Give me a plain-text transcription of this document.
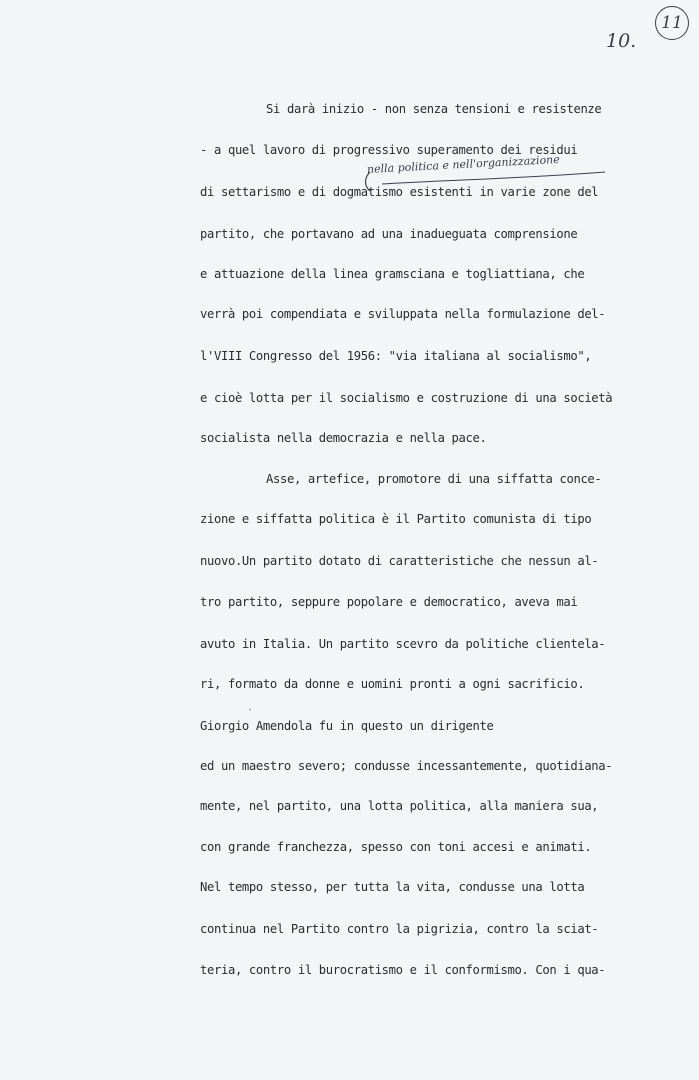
10.
11
nella politica e nell'organizzazione
Si darà inizio - non senza tensioni e resistenze
- a quel lavoro di progressivo superamento dei residui
di settarismo e di dogmatismo esistenti in varie zone del
partito, che portavano ad una inadueguata comprensione
e attuazione della linea gramsciana e togliattiana, che
verrà poi compendiata e sviluppata nella formulazione del-
l'VIII Congresso del 1956: "via italiana al socialismo",
e cioè lotta per il socialismo e costruzione di una società
socialista nella democrazia e nella pace.
Asse, artefice, promotore di una siffatta conce-
zione e siffatta politica è il Partito comunista di tipo
nuovo.Un partito dotato di caratteristiche che nessun al-
tro partito, seppure popolare e democratico, aveva mai
avuto in Italia. Un partito scevro da politiche clientela-
ri, formato da donne e uomini pronti a ogni sacrificio.
Giorgio Amendola fu in questo un dirigente
ed un maestro severo; condusse incessantemente, quotidiana-
mente, nel partito, una lotta politica, alla maniera sua,
con grande franchezza, spesso con toni accesi e animati.
Nel tempo stesso, per tutta la vita, condusse una lotta
continua nel Partito contro la pigrizia, contro la sciat-
teria, contro il burocratismo e il conformismo. Con i qua-
